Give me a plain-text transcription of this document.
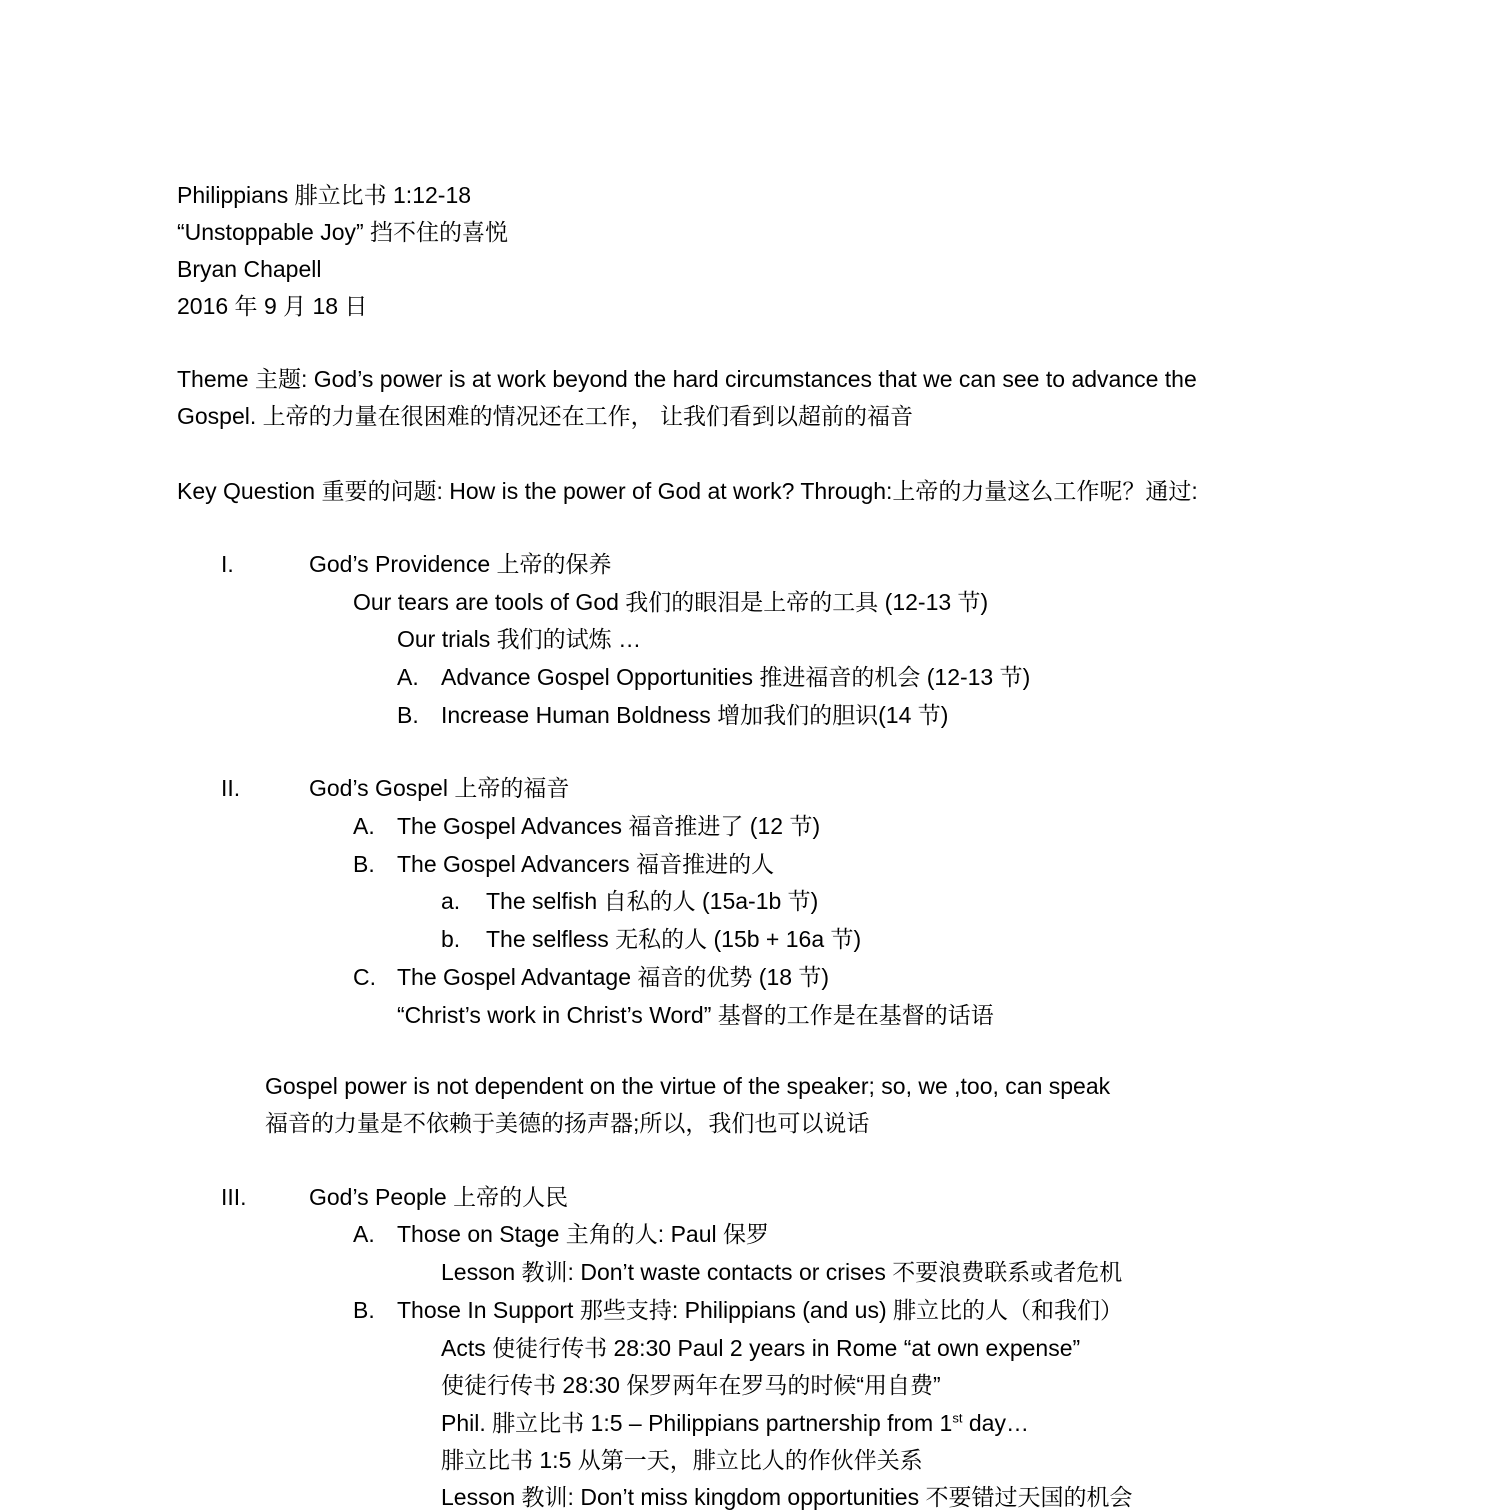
Philippians 腓立比书 1:12-18
“Unstoppable Joy” 挡不住的喜悦
Bryan Chapell
2016 年 9 月 18 日
Theme 主题: God’s power is at work beyond the hard circumstances that we can see to advance the
Gospel. 上帝的力量在很困难的情况还在工作， 让我们看到以超前的福音
Key Question 重要的问题: How is the power of God at work? Through:上帝的力量这么工作呢？通过:
I.	God’s Providence 上帝的保养
Our tears are tools of God 我们的眼泪是上帝的工具 (12-13 节)
Our trials 我们的试炼 …
A. Advance Gospel Opportunities 推进福音的机会 (12-13 节)
B. Increase Human Boldness 增加我们的胆识(14 节)
II.	God’s Gospel 上帝的福音
A. The Gospel Advances 福音推进了 (12 节)
B. The Gospel Advancers 福音推进的人
a. The selfish 自私的人 (15a-1b 节)
b. The selfless 无私的人 (15b + 16a 节)
C. The Gospel Advantage 福音的优势 (18 节)
“Christ’s work in Christ’s Word” 基督的工作是在基督的话语
Gospel power is not dependent on the virtue of the speaker; so, we ,too, can speak
福音的力量是不依赖于美德的扬声器;所以，我们也可以说话
III.	God’s People 上帝的人民
A. Those on Stage 主角的人: Paul 保罗
Lesson 教训: Don’t waste contacts or crises 不要浪费联系或者危机
B. Those In Support 那些支持: Philippians (and us) 腓立比的人（和我们）
Acts 使徒行传书 28:30 Paul 2 years in Rome “at own expense”
使徒行传书 28:30 保罗两年在罗马的时候“用自费”
Phil. 腓立比书 1:5 – Philippians partnership from 1st day…
腓立比书 1:5 从第一天，腓立比人的作伙伴关系
Lesson 教训: Don’t miss kingdom opportunities 不要错过天国的机会
